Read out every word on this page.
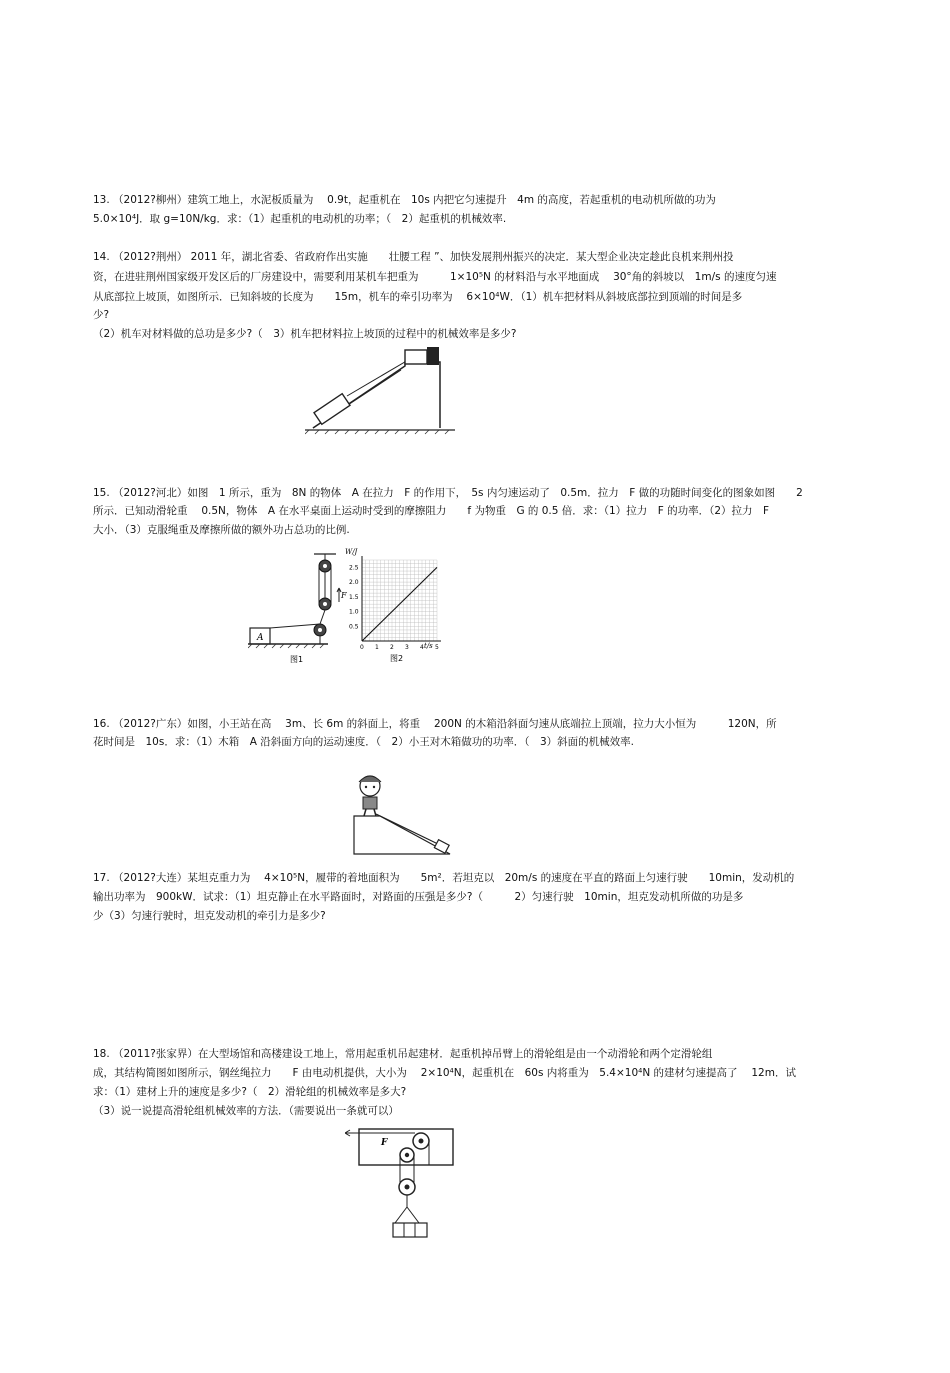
13. （2012?柳州）建筑工地上，水泥板质量为　 0.9t，起重机在　10s 内把它匀速提升　4m 的高度，若起重机的电动机所做的功为
5.0×10⁴J．取 g=10N/kg．求：（1）起重机的电动机的功率；（　2）起重机的机械效率.
14. （2012?荆州） 2011 年，湖北省委、省政府作出实施　　壮腰工程 ”、加快发展荆州振兴的决定．某大型企业决定趁此良机来荆州投
资，在进驻荆州国家级开发区后的厂房建设中，需要利用某机车把重为　　　1×10⁵N 的材料沿与水平地面成　 30°角的斜坡以　1m/s 的速度匀速
从底部拉上坡顶，如图所示．已知斜坡的长度为　　15m，机车的牵引功率为　 6×10⁴W．（1）机车把材料从斜坡底部拉到顶端的时间是多
少?
（2）机车对材料做的总功是多少?（　3）机车把材料拉上坡顶的过程中的机械效率是多少?
15. （2012?河北）如图　1 所示，重为　8N 的物体　A 在拉力　F 的作用下，　5s 内匀速运动了　0.5m．拉力　F 做的功随时间变化的图象如图　　2
所示．已知动滑轮重　 0.5N，物体　A 在水平桌面上运动时受到的摩擦阻力　　f 为物重　G 的 0.5 倍．求：（1）拉力　F 的功率．（2）拉力　F
大小．（3）克服绳重及摩擦所做的额外功占总功的比例.
F
A
图1
W/J
t/s
图2
0 1 2 3 4 5
0.5
1.0
1.5
2.0
2.5
16. （2012?广东）如图，小王站在高　 3m、长 6m 的斜面上，将重　 200N 的木箱沿斜面匀速从底端拉上顶端，拉力大小恒为　　　120N，所
花时间是　10s．求：（1）木箱　A 沿斜面方向的运动速度．（　2）小王对木箱做功的功率．（　3）斜面的机械效率.
17. （2012?大连）某坦克重力为　 4×10⁵N，履带的着地面积为　　5m²．若坦克以　20m/s 的速度在平直的路面上匀速行驶　　10min，发动机的
输出功率为　900kW．试求：（1）坦克静止在水平路面时，对路面的压强是多少?（　　　2）匀速行驶　10min，坦克发动机所做的功是多
少（3）匀速行驶时，坦克发动机的牵引力是多少?
18. （2011?张家界）在大型场馆和高楼建设工地上，常用起重机吊起建材．起重机掉吊臂上的滑轮组是由一个动滑轮和两个定滑轮组
成，其结构简图如图所示，钢丝绳拉力　　F 由电动机提供，大小为　 2×10⁴N，起重机在　60s 内将重为　5.4×10⁴N 的建材匀速提高了　 12m．试
求：（1）建材上升的速度是多少?（　2）滑轮组的机械效率是多大?
（3）说一说提高滑轮组机械效率的方法．（需要说出一条就可以）
F
